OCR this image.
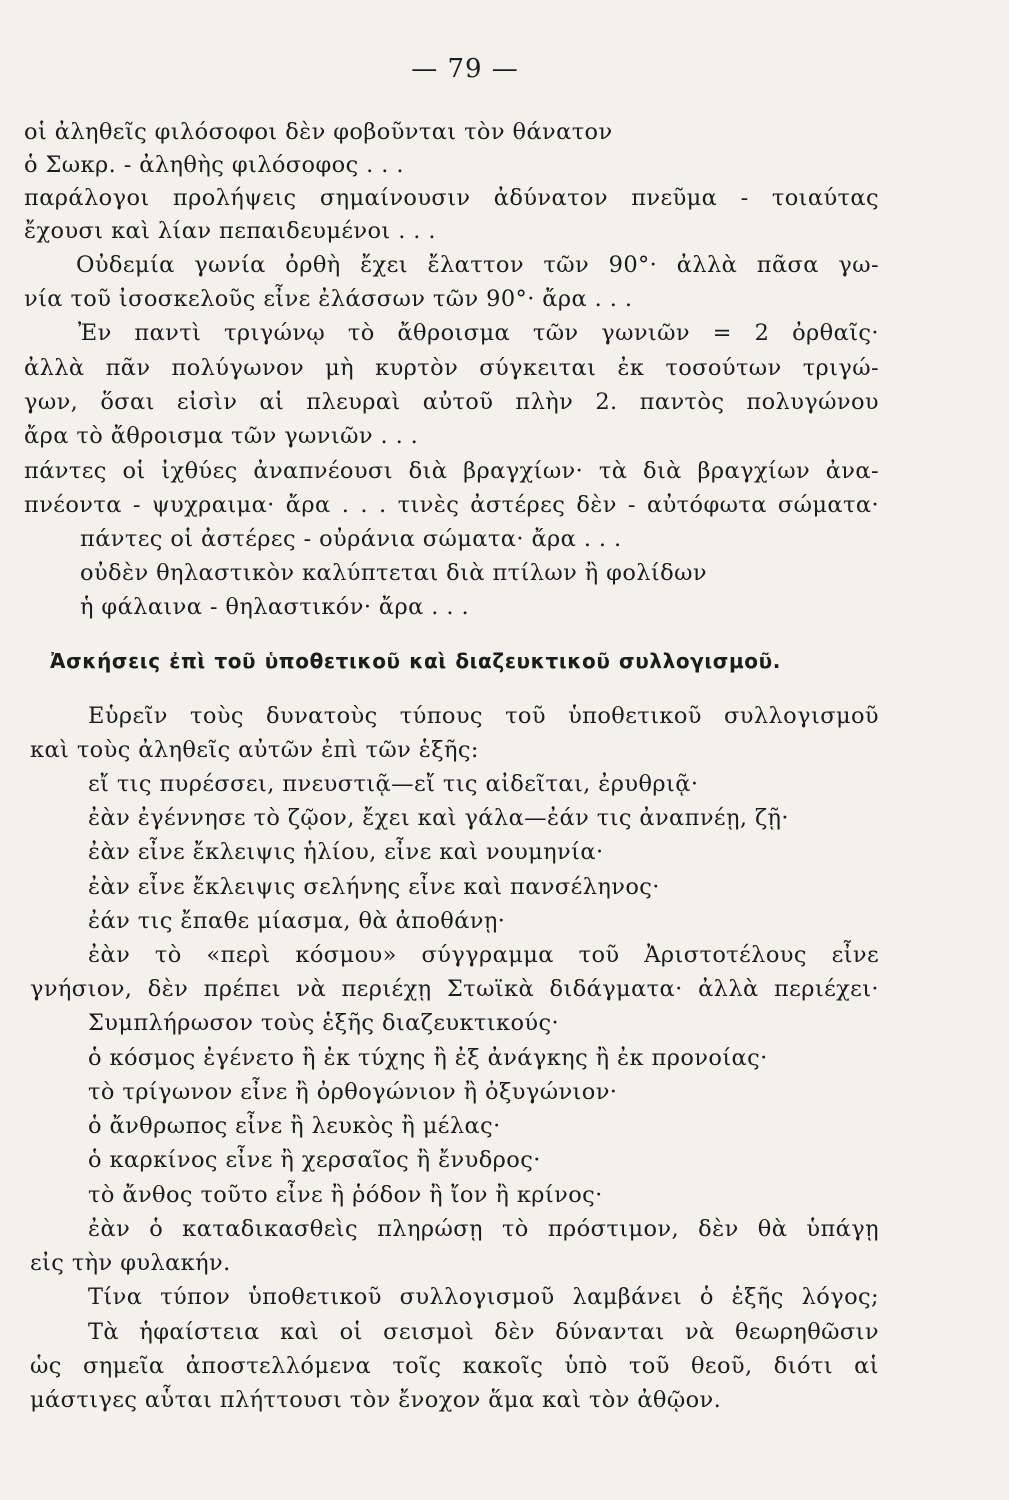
— 79 —
οἱ ἀληθεῖς φιλόσοφοι δὲν φοβοῦνται τὸν θάνατον
ὁ Σωκρ. - ἀληθὴς φιλόσοφος . . .
παράλογοι προλήψεις σημαίνουσιν ἀδύνατον πνεῦμα - τοιαύτας
ἔχουσι καὶ λίαν πεπαιδευμένοι . . .
Οὐδεμία γωνία ὀρθὴ ἔχει ἔλαττον τῶν 90°· ἀλλὰ πᾶσα γω-
νία τοῦ ἰσοσκελοῦς εἶνε ἐλάσσων τῶν 90°· ἄρα . . .
Ἐν παντὶ τριγώνῳ τὸ ἄθροισμα τῶν γωνιῶν = 2 ὀρθαῖς·
ἀλλὰ πᾶν πολύγωνον μὴ κυρτὸν σύγκειται ἐκ τοσούτων τριγώ-
γων, ὅσαι εἰσὶν αἱ πλευραὶ αὐτοῦ πλὴν 2. παντὸς πολυγώνου
ἄρα τὸ ἄθροισμα τῶν γωνιῶν . . .
πάντες οἱ ἰχθύες ἀναπνέουσι διὰ βραγχίων· τὰ διὰ βραγχίων ἀνα-
πνέοντα - ψυχραιμα· ἄρα . . . τινὲς ἀστέρες δὲν - αὐτόφωτα σώματα·
πάντες οἱ ἀστέρες - οὐράνια σώματα· ἄρα . . .
οὐδὲν θηλαστικὸν καλύπτεται διὰ πτίλων ἢ φολίδων
ἡ φάλαινα - θηλαστικόν· ἄρα . . .
Ἀσκήσεις ἐπὶ τοῦ ὑποθετικοῦ καὶ διαζευκτικοῦ συλλογισμοῦ.
Εὑρεῖν τοὺς δυνατοὺς τύπους τοῦ ὑποθετικοῦ συλλογισμοῦ
καὶ τοὺς ἀληθεῖς αὐτῶν ἐπὶ τῶν ἑξῆς:
εἴ τις πυρέσσει, πνευστιᾷ—εἴ τις αἰδεῖται, ἐρυθριᾷ·
ἐὰν ἐγέννησε τὸ ζῷον, ἔχει καὶ γάλα—ἐάν τις ἀναπνέῃ, ζῇ·
ἐὰν εἶνε ἔκλειψις ἡλίου, εἶνε καὶ νουμηνία·
ἐὰν εἶνε ἔκλειψις σελήνης εἶνε καὶ πανσέληνος·
ἐάν τις ἔπαθε μίασμα, θὰ ἀποθάνῃ·
ἐὰν τὸ «περὶ κόσμου» σύγγραμμα τοῦ Ἀριστοτέλους εἶνε
γνήσιον, δὲν πρέπει νὰ περιέχῃ Στωϊκὰ διδάγματα· ἀλλὰ περιέχει·
Συμπλήρωσον τοὺς ἑξῆς διαζευκτικούς·
ὁ κόσμος ἐγένετο ἢ ἐκ τύχης ἢ ἐξ ἀνάγκης ἢ ἐκ προνοίας·
τὸ τρίγωνον εἶνε ἢ ὀρθογώνιον ἢ ὀξυγώνιον·
ὁ ἄνθρωπος εἶνε ἢ λευκὸς ἢ μέλας·
ὁ καρκίνος εἶνε ἢ χερσαῖος ἢ ἔνυδρος·
τὸ ἄνθος τοῦτο εἶνε ἢ ῥόδον ἢ ἴον ἢ κρίνος·
ἐὰν ὁ καταδικασθεὶς πληρώσῃ τὸ πρόστιμον, δὲν θὰ ὑπάγῃ
εἰς τὴν φυλακήν.
Τίνα τύπον ὑποθετικοῦ συλλογισμοῦ λαμβάνει ὁ ἑξῆς λόγος;
Τὰ ἡφαίστεια καὶ οἱ σεισμοὶ δὲν δύνανται νὰ θεωρηθῶσιν
ὡς σημεῖα ἀποστελλόμενα τοῖς κακοῖς ὑπὸ τοῦ θεοῦ, διότι αἱ
μάστιγες αὗται πλήττουσι τὸν ἔνοχον ἅμα καὶ τὸν ἀθῷον.
